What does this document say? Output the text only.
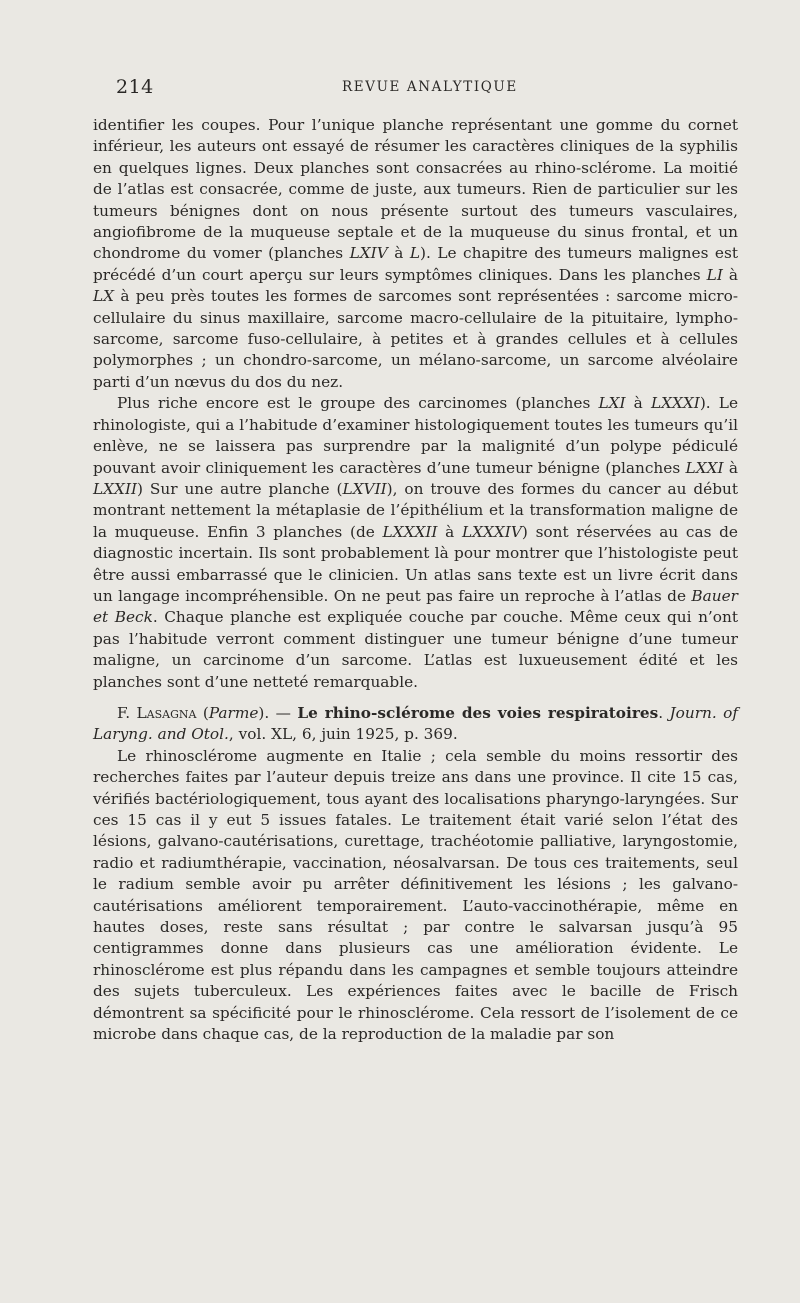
214	REVUE ANALYTIQUE

identifier les coupes. Pour l’unique planche représentant une gomme du cornet inférieur, les auteurs ont essayé de résumer les caractères cliniques de la syphilis en quelques lignes. Deux planches sont consacrées au rhino-sclérome. La moitié de l’atlas est consacrée, comme de juste, aux tumeurs. Rien de particulier sur les tumeurs bénignes dont on nous présente surtout des tumeurs vasculaires, angiofibrome de la muqueuse septale et de la muqueuse du sinus frontal, et un chondrome du vomer (planches LXIV à L). Le chapitre des tumeurs malignes est précédé d’un court aperçu sur leurs symptômes cliniques. Dans les planches LI à LX à peu près toutes les formes de sarcomes sont représentées : sarcome micro-cellulaire du sinus maxillaire, sarcome macro-cellulaire de la pituitaire, lympho-sarcome, sarcome fuso-cellulaire, à petites et à grandes cellules et à cellules polymorphes ; un chondro-sarcome, un mélano-sarcome, un sarcome alvéolaire parti d’un nœvus du dos du nez.

Plus riche encore est le groupe des carcinomes (planches LXI à LXXXI). Le rhinologiste, qui a l’habitude d’examiner histologiquement toutes les tumeurs qu’il enlève, ne se laissera pas surprendre par la malignité d’un polype pédiculé pouvant avoir cliniquement les caractères d’une tumeur bénigne (planches LXXI à LXXII) Sur une autre planche (LXVII), on trouve des formes du cancer au début montrant nettement la métaplasie de l’épithélium et la transformation maligne de la muqueuse. Enfin 3 planches (de LXXXII à LXXXIV) sont réservées au cas de diagnostic incertain. Ils sont probablement là pour montrer que l’histologiste peut être aussi embarrassé que le clinicien. Un atlas sans texte est un livre écrit dans un langage incompréhensible. On ne peut pas faire un reproche à l’atlas de Bauer et Beck. Chaque planche est expliquée couche par couche. Même ceux qui n’ont pas l’habitude verront comment distinguer une tumeur bénigne d’une tumeur maligne, un carcinome d’un sarcome. L’atlas est luxueusement édité et les planches sont d’une netteté remarquable.

F. Lasagna (Parme). — Le rhino-sclérome des voies respiratoires. Journ. of Laryng. and Otol., vol. XL, 6, juin 1925, p. 369.

Le rhinosclérome augmente en Italie ; cela semble du moins ressortir des recherches faites par l’auteur depuis treize ans dans une province. Il cite 15 cas, vérifiés bactériologiquement, tous ayant des localisations pharyngo-laryngées. Sur ces 15 cas il y eut 5 issues fatales. Le traitement était varié selon l’état des lésions, galvano-cautérisations, curettage, trachéotomie palliative, laryngostomie, radio et radiumthérapie, vaccination, néosalvarsan. De tous ces traitements, seul le radium semble avoir pu arrêter définitivement les lésions ; les galvano-cautérisations améliorent temporairement. L’auto-vaccinothérapie, même en hautes doses, reste sans résultat ; par contre le salvarsan jusqu’à 95 centigrammes donne dans plusieurs cas une amélioration évidente. Le rhinosclérome est plus répandu dans les campagnes et semble toujours atteindre des sujets tuberculeux. Les expériences faites avec le bacille de Frisch démontrent sa spécificité pour le rhinosclérome. Cela ressort de l’isolement de ce microbe dans chaque cas, de la reproduction de la maladie par son
